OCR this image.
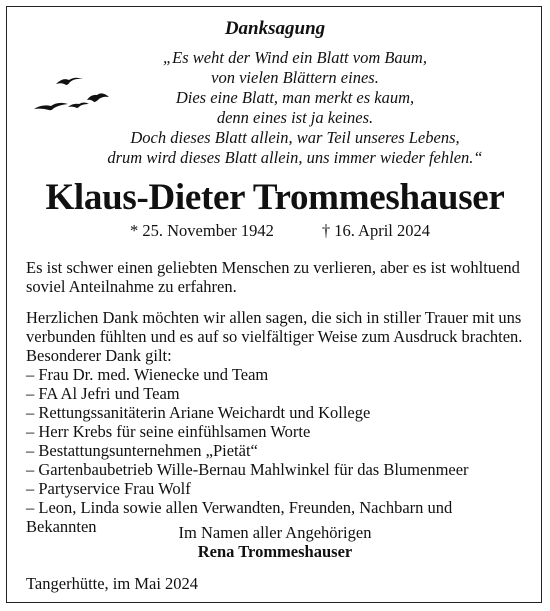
Danksagung
„Es weht der Wind ein Blatt vom Baum,
von vielen Blättern eines.
Dies eine Blatt, man merkt es kaum,
denn eines ist ja keines.
Doch dieses Blatt allein, war Teil unseres Lebens,
drum wird dieses Blatt allein, uns immer wieder fehlen.“
Klaus-Dieter Trommeshauser
* 25. November 1942	† 16. April 2024

Es ist schwer einen geliebten Menschen zu verlieren, aber es ist wohltuend

soviel Anteilnahme zu erfahren.

Herzlichen Dank möchten wir allen sagen, die sich in stiller Trauer mit uns

verbunden fühlten und es auf so vielfältiger Weise zum Ausdruck brachten.

Besonderer Dank gilt:

– Frau Dr. med. Wienecke und Team
– FA Al Jefri und Team
– Rettungssanitäterin Ariane Weichardt und Kollege
– Herr Krebs für seine einfühlsamen Worte
– Bestattungsunternehmen „Pietät“
– Gartenbaubetrieb Wille-Bernau Mahlwinkel für das Blumenmeer
– Partyservice Frau Wolf
– Leon, Linda sowie allen Verwandten, Freunden, Nachbarn und Bekannten	Im Namen aller Angehörigen
Rena Trommeshauser
Tangerhütte, im Mai 2024
